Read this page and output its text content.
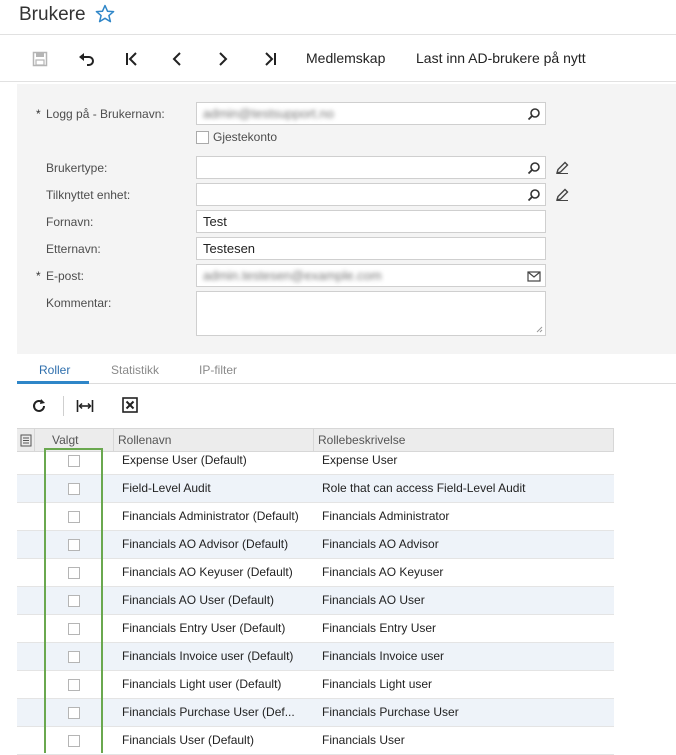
Brukere
Medlemskap Last inn AD-brukere på nytt
* Logg på - Brukernavn:	admin@testsupport.no
Gjestekonto
Brukertype:
Tilknyttet enhet:
Fornavn:	Test
Etternavn:	Testesen
* E-post:	admin.testesen@example.com
Kommentar:
Roller	Statistikk	IP-filter
Valgt	Rollenavn	Rollebeskrivelse
Expense User (Default)	Expense User
Field-Level Audit	Role that can access Field-Level Audit
Financials Administrator (Default) Financials Administrator
Financials AO Advisor (Default)	Financials AO Advisor
Financials AO Keyuser (Default) Financials AO Keyuser
Financials AO User (Default)	Financials AO User
Financials Entry User (Default)	Financials Entry User
Financials Invoice user (Default) Financials Invoice user
Financials Light user (Default)	Financials Light user
Financials Purchase User (Def... Financials Purchase User
Financials User (Default)	Financials User
